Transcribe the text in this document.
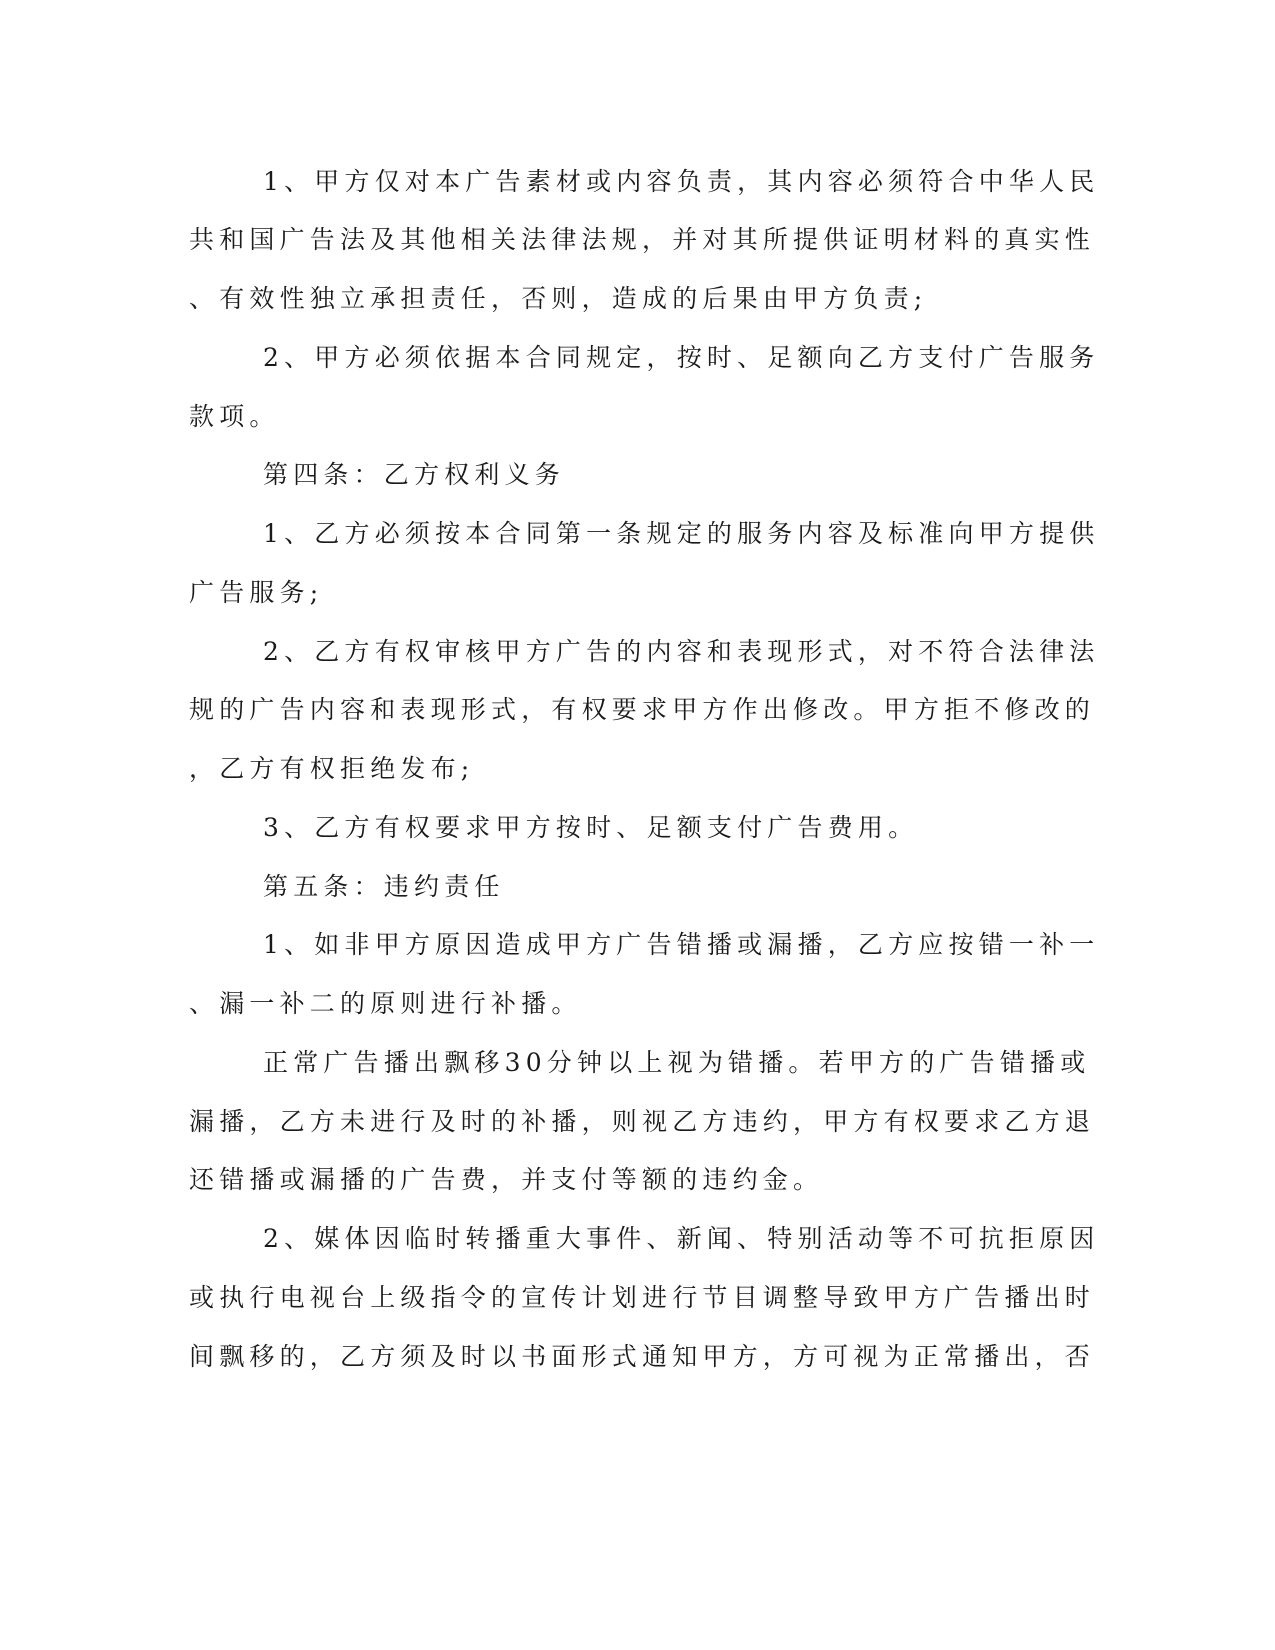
1、甲方仅对本广告素材或内容负责，其内容必须符合中华人民
共和国广告法及其他相关法律法规，并对其所提供证明材料的真实性
、有效性独立承担责任，否则，造成的后果由甲方负责;
2、甲方必须依据本合同规定，按时、足额向乙方支付广告服务
款项。
第四条：乙方权利义务
1、乙方必须按本合同第一条规定的服务内容及标准向甲方提供
广告服务;
2、乙方有权审核甲方广告的内容和表现形式，对不符合法律法
规的广告内容和表现形式，有权要求甲方作出修改。甲方拒不修改的
，乙方有权拒绝发布;
3、乙方有权要求甲方按时、足额支付广告费用。
第五条：违约责任
1、如非甲方原因造成甲方广告错播或漏播，乙方应按错一补一
、漏一补二的原则进行补播。
正常广告播出飘移30分钟以上视为错播。若甲方的广告错播或
漏播，乙方未进行及时的补播，则视乙方违约，甲方有权要求乙方退
还错播或漏播的广告费，并支付等额的违约金。
2、媒体因临时转播重大事件、新闻、特别活动等不可抗拒原因
或执行电视台上级指令的宣传计划进行节目调整导致甲方广告播出时
间飘移的，乙方须及时以书面形式通知甲方，方可视为正常播出，否
